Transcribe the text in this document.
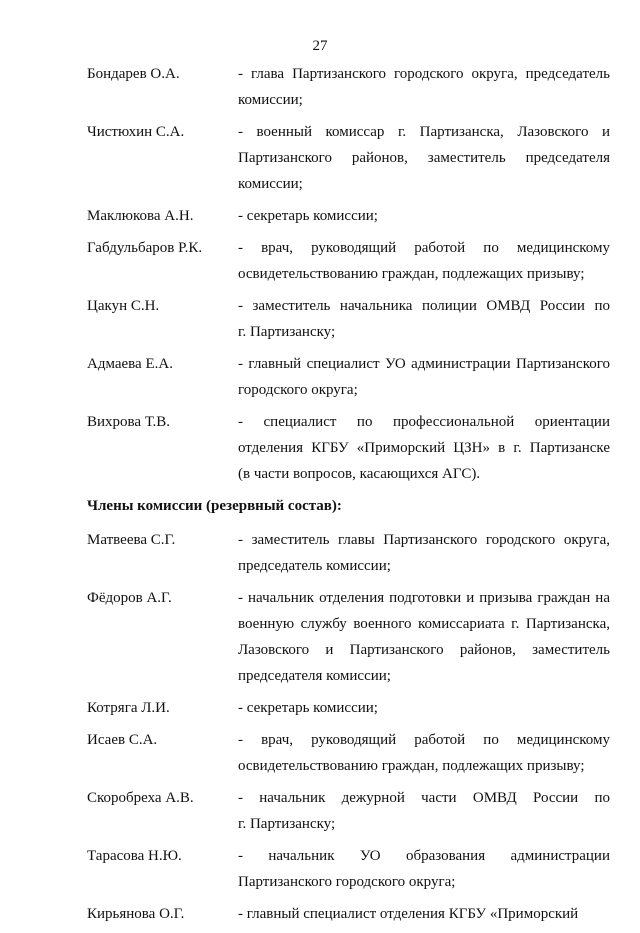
27
Бондарев О.А.	- глава Партизанского городского округа, председатель
комиссии;
Чистюхин С.А.	- военный комиссар г. Партизанска, Лазовского и
Партизанского районов, заместитель председателя
комиссии;
Маклюкова А.Н.	- секретарь комиссии;
Габдульбаров Р.К.	- врач, руководящий работой по медицинскому
освидетельствованию граждан, подлежащих призыву;
Цакун С.Н.	- заместитель начальника полиции ОМВД России по
г. Партизанску;
Адмаева Е.А.	- главный специалист УО администрации Партизанского
городского округа;
Вихрова Т.В.	- специалист по профессиональной ориентации
отделения КГБУ «Приморский ЦЗН» в г. Партизанске
(в части вопросов, касающихся АГС).
Члены комиссии (резервный состав):
Матвеева С.Г.	- заместитель главы Партизанского городского округа,
председатель комиссии;
Фёдоров А.Г.	- начальник отделения подготовки и призыва граждан на
военную службу военного комиссариата г. Партизанска,
Лазовского и Партизанского районов, заместитель
председателя комиссии;
Котряга Л.И.	- секретарь комиссии;
Исаев С.А.	- врач, руководящий работой по медицинскому
освидетельствованию граждан, подлежащих призыву;
Скоробреха А.В.	- начальник дежурной части ОМВД России по
г. Партизанску;
Тарасова Н.Ю.	- начальник УО образования администрации
Партизанского городского округа;
Кирьянова О.Г.	- главный специалист отделения КГБУ «Приморский
